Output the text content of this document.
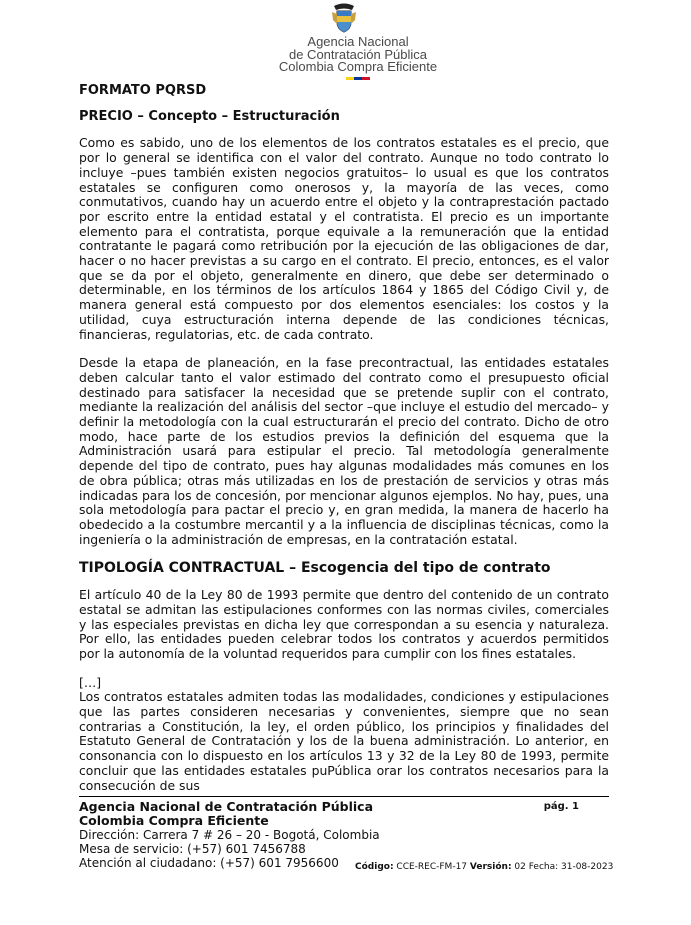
Agencia Nacional
de Contratación Pública
Colombia Compra Eficiente
FORMATO PQRSD
PRECIO – Concepto – Estructuración

Como es sabido, uno de los elementos de los contratos estatales es el precio, que por lo general se identifica con el valor del contrato. Aunque no todo contrato lo incluye –pues también existen negocios gratuitos– lo usual es que los contratos estatales se configuren como onerosos y, la mayoría de las veces, como conmutativos, cuando hay un acuerdo entre el objeto y la contraprestación pactado por escrito entre la entidad estatal y el contratista. El precio es un importante elemento para el contratista, porque equivale a la remuneración que la entidad contratante le pagará como retribución por la ejecución de las obligaciones de dar, hacer o no hacer previstas a su cargo en el contrato. El precio, entonces, es el valor que se da por el objeto, generalmente en dinero, que debe ser determinado o determinable, en los términos de los artículos 1864 y 1865 del Código Civil y, de manera general está compuesto por dos elementos esenciales: los costos y la utilidad, cuya estructuración interna depende de las condiciones técnicas, financieras, regulatorias, etc. de cada contrato.

Desde la etapa de planeación, en la fase precontractual, las entidades estatales deben calcular tanto el valor estimado del contrato como el presupuesto oficial destinado para satisfacer la necesidad que se pretende suplir con el contrato, mediante la realización del análisis del sector –que incluye el estudio del mercado– y definir la metodología con la cual estructurarán el precio del contrato. Dicho de otro modo, hace parte de los estudios previos la definición del esquema que la Administración usará para estipular el precio. Tal metodología generalmente depende del tipo de contrato, pues hay algunas modalidades más comunes en los de obra pública; otras más utilizadas en los de prestación de servicios y otras más indicadas para los de concesión, por mencionar algunos ejemplos. No hay, pues, una sola metodología para pactar el precio y, en gran medida, la manera de hacerlo ha obedecido a la costumbre mercantil y a la influencia de disciplinas técnicas, como la ingeniería o la administración de empresas, en la contratación estatal.

TIPOLOGÍA CONTRACTUAL – Escogencia del tipo de contrato

El artículo 40 de la Ley 80 de 1993 permite que dentro del contenido de un contrato estatal se admitan las estipulaciones conformes con las normas civiles, comerciales y las especiales previstas en dicha ley que correspondan a su esencia y naturaleza. Por ello, las entidades pueden celebrar todos los contratos y acuerdos permitidos por la autonomía de la voluntad requeridos para cumplir con los fines estatales.

[…]
Los contratos estatales admiten todas las modalidades, condiciones y estipulaciones que las partes consideren necesarias y convenientes, siempre que no sean contrarias a Constitución, la ley, el orden público, los principios y finalidades del Estatuto General de Contratación y los de la buena administración. Lo anterior, en consonancia con lo dispuesto en los artículos 13 y 32 de la Ley 80 de 1993, permite concluir que las entidades estatales puPública orar los contratos necesarios para la consecución de sus
Agencia Nacional de Contratación Pública
Colombia Compra Eficiente
pág. 1
Dirección: Carrera 7 # 26 – 20 - Bogotá, Colombia
Mesa de servicio: (+57) 601 7456788
Atención al ciudadano: (+57) 601 7956600	Código: CCE-REC-FM-17 Versión: 02 Fecha: 31-08-2023
